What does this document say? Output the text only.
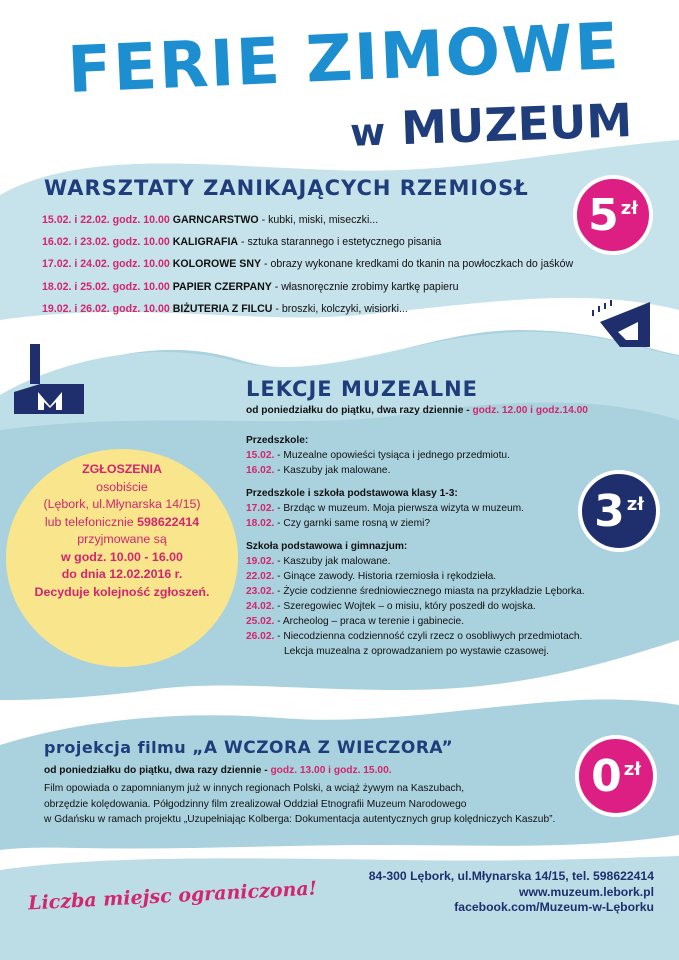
FERIE ZIMOWE
w MUZEUM
WARSZTATY ZANIKAJĄCYCH RZEMIOSŁ
15.02. i 22.02. godz. 10.00 GARNCARSTWO - kubki, miski, miseczki...
16.02. i 23.02. godz. 10.00 KALIGRAFIA - sztuka starannego i estetycznego pisania
17.02. i 24.02. godz. 10.00 KOLOROWE SNY - obrazy wykonane kredkami do tkanin na powłoczkach do jaśków
18.02. i 25.02. godz. 10.00 PAPIER CZERPANY - własnoręcznie zrobimy kartkę papieru
19.02. i 26.02. godz. 10.00 BIŻUTERIA Z FILCU - broszki, kolczyki, wisiorki...
5 zł
LEKCJE MUZEALNE
od poniedziałku do piątku, dwa razy dziennie - godz. 12.00 i godz.14.00
Przedszkole:
15.02. - Muzealne opowieści tysiąca i jednego przedmiotu.
16.02. - Kaszuby jak malowane.
Przedszkole i szkoła podstawowa klasy 1-3:
17.02. - Brzdąc w muzeum. Moja pierwsza wizyta w muzeum.
18.02. - Czy garnki same rosną w ziemi?
Szkoła podstawowa i gimnazjum:
19.02. - Kaszuby jak malowane.
22.02. - Ginące zawody. Historia rzemiosła i rękodzieła.
23.02. - Życie codzienne średniowiecznego miasta na przykładzie Lęborka.
24.02. - Szeregowiec Wojtek – o misiu, który poszedł do wojska.
25.02. - Archeolog – praca w terenie i gabinecie.
26.02. - Niecodzienna codzienność czyli rzecz o osobliwych przedmiotach.
Lekcja muzealna z oprowadzaniem po wystawie czasowej.
3 zł
ZGŁOSZENIA
osobiście
(Lębork, ul.Młynarska 14/15)
lub telefonicznie 598622414
przyjmowane są
w godz. 10.00 - 16.00
do dnia 12.02.2016 r.
Decyduje kolejność zgłoszeń.
projekcja filmu „A WCZORA Z WIECZORA”
od poniedziałku do piątku, dwa razy dziennie - godz. 13.00 i godz. 15.00.
Film opowiada o zapomnianym już w innych regionach Polski, a wciąż żywym na Kaszubach,
obrzędzie kolędowania. Półgodzinny film zrealizował Oddział Etnografii Muzeum Narodowego
w Gdańsku w ramach projektu „Uzupełniając Kolberga: Dokumentacja autentycznych grup kolędniczych Kaszub”.
0 zł
Liczba miejsc ograniczona!
84-300 Lębork, ul.Młynarska 14/15, tel. 598622414
www.muzeum.lebork.pl
facebook.com/Muzeum-w-Lęborku
